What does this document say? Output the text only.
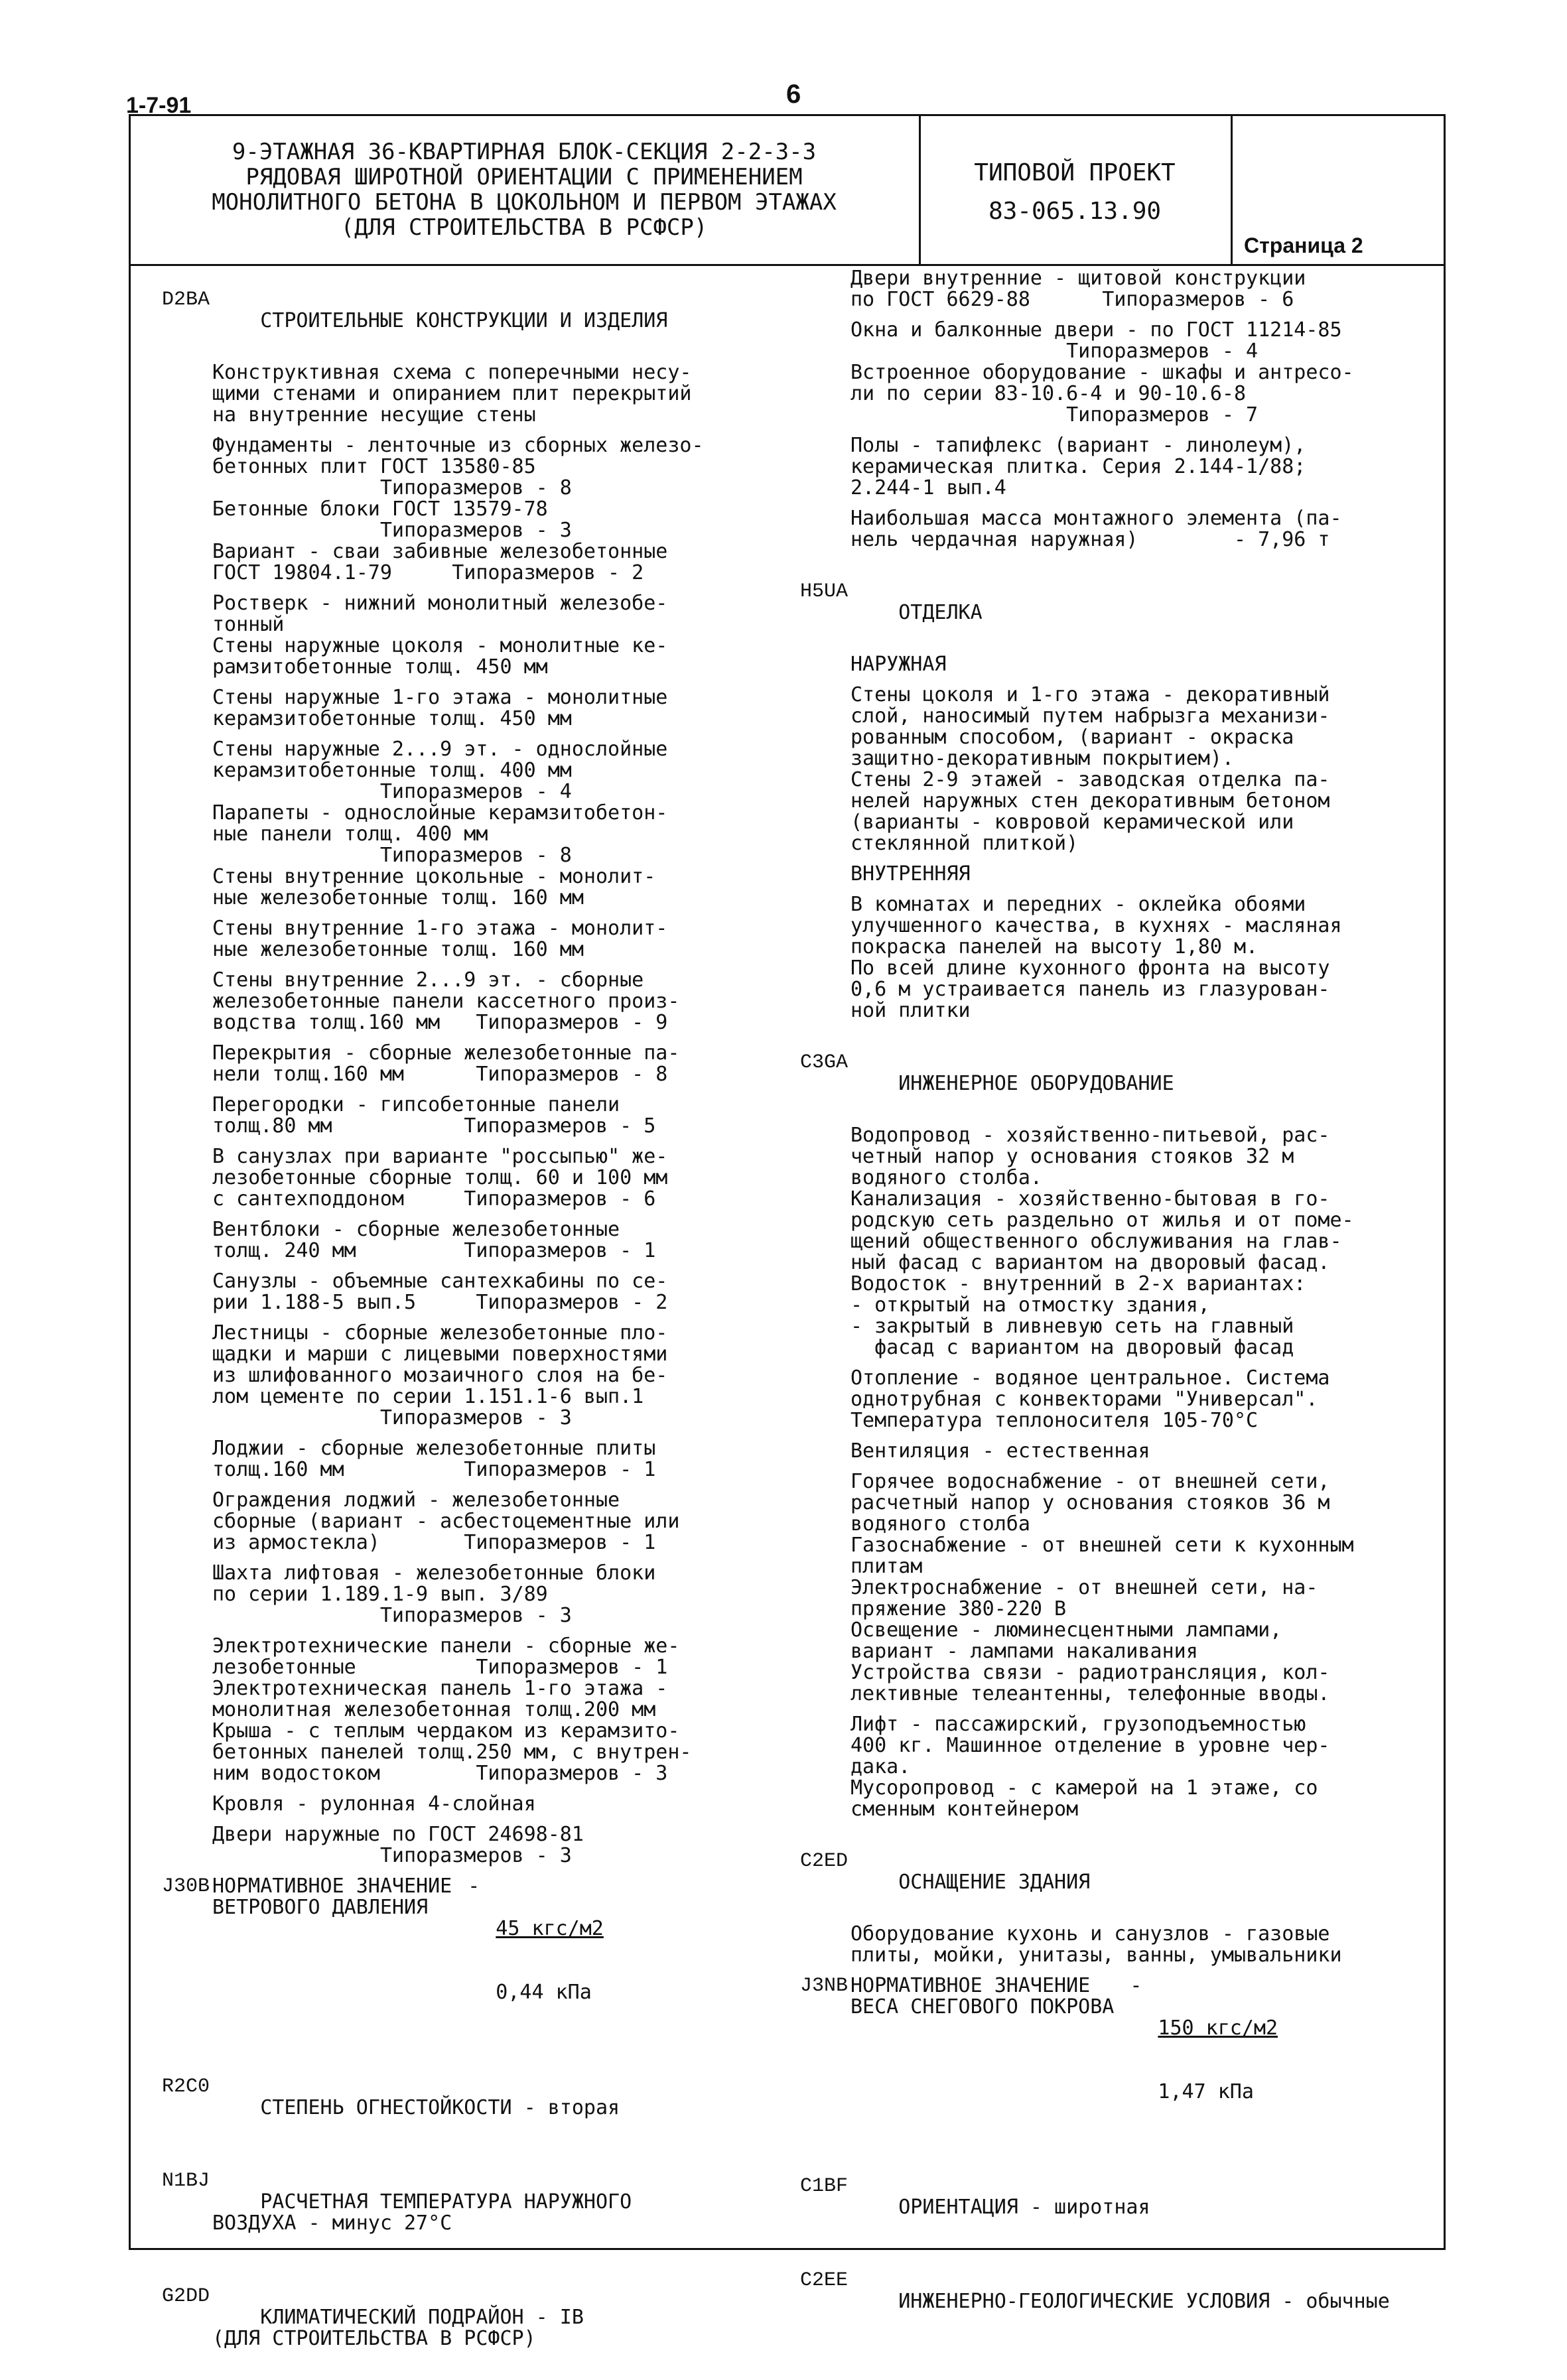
1-7-91	6
9-ЭТАЖНАЯ 36-КВАРТИРНАЯ БЛОК-СЕКЦИЯ 2-2-3-3
РЯДОВАЯ ШИРОТНОЙ ОРИЕНТАЦИИ С ПРИМЕНЕНИЕМ
МОНОЛИТНОГО БЕТОНА В ЦОКОЛЬНОМ И ПЕРВОМ ЭТАЖАХ
(ДЛЯ СТРОИТЕЛЬСТВА В РСФСР)
ТИПОВОЙ ПРОЕКТ
83-065.13.90
Страница 2

D2BA

СТРОИТЕЛЬНЫЕ КОНСТРУКЦИИ И ИЗДЕЛИЯ

Конструктивная схема с поперечными несу-
щими стенами и опиранием плит перекрытий
на внутренние несущие стены
Фундаменты - ленточные из сборных железо-
бетонных плит ГОСТ 13580-85
Типоразмеров - 8
Бетонные блоки ГОСТ 13579-78
Типоразмеров - 3
Вариант - сваи забивные железобетонные
ГОСТ 19804.1-79     Типоразмеров - 2
Ростверк - нижний монолитный железобе-
тонный
Стены наружные цоколя - монолитные ке-
рамзитобетонные толщ. 450 мм
Стены наружные 1-го этажа - монолитные
керамзитобетонные толщ. 450 мм
Стены наружные 2...9 эт. - однослойные
керамзитобетонные толщ. 400 мм
Типоразмеров - 4
Парапеты - однослойные керамзитобетон-
ные панели толщ. 400 мм
Типоразмеров - 8
Стены внутренние цокольные - монолит-
ные железобетонные толщ. 160 мм
Стены внутренние 1-го этажа - монолит-
ные железобетонные толщ. 160 мм
Стены внутренние 2...9 эт. - сборные
железобетонные панели кассетного произ-
водства толщ.160 мм   Типоразмеров - 9
Перекрытия - сборные железобетонные па-
нели толщ.160 мм      Типоразмеров - 8
Перегородки - гипсобетонные панели
толщ.80 мм           Типоразмеров - 5
В санузлах при варианте "россыпью" же-
лезобетонные сборные толщ. 60 и 100 мм
с сантехподдоном     Типоразмеров - 6
Вентблоки - сборные железобетонные
толщ. 240 мм         Типоразмеров - 1
Санузлы - объемные сантехкабины по се-
рии 1.188-5 вып.5     Типоразмеров - 2
Лестницы - сборные железобетонные пло-
щадки и марши с лицевыми поверхностями
из шлифованного мозаичного слоя на бе-
лом цементе по серии 1.151.1-6 вып.1
Типоразмеров - 3
Лоджии - сборные железобетонные плиты
толщ.160 мм          Типоразмеров - 1
Ограждения лоджий - железобетонные
сборные (вариант - асбестоцементные или
из армостекла)       Типоразмеров - 1
Шахта лифтовая - железобетонные блоки
по серии 1.189.1-9 вып. 3/89
Типоразмеров - 3
Электротехнические панели - сборные же-
лезобетонные          Типоразмеров - 1
Электротехническая панель 1-го этажа -
монолитная железобетонная толщ.200 мм
Крыша - с теплым чердаком из керамзито-
бетонных панелей толщ.250 мм, с внутрен-
ним водостоком        Типоразмеров - 3
Кровля - рулонная 4-слойная
Двери наружные по ГОСТ 24698-81
Типоразмеров - 3
J30B НОРМАТИВНОЕ ЗНАЧЕНИЕ
ВЕТРОВОГО ДАВЛЕНИЯ
-

45 кгс/м2

0,44 кПа

R2C0

СТЕПЕНЬ ОГНЕСТОЙКОСТИ - вторая

N1BJ

РАСЧЕТНАЯ ТЕМПЕРАТУРА НАРУЖНОГО
ВОЗДУХА - минус 27°С

G2DD

КЛИМАТИЧЕСКИЙ ПОДРАЙОН - IВ
(ДЛЯ СТРОИТЕЛЬСТВА В РСФСР)

Двери внутренние - щитовой конструкции
по ГОСТ 6629-88      Типоразмеров - 6
Окна и балконные двери - по ГОСТ 11214-85
Типоразмеров - 4
Встроенное оборудование - шкафы и антресо-
ли по серии 83-10.6-4 и 90-10.6-8
Типоразмеров - 7
Полы - тапифлекс (вариант - линолеум),
керамическая плитка. Серия 2.144-1/88;
2.244-1 вып.4
Наибольшая масса монтажного элемента (па-
нель чердачная наружная)        - 7,96 т

H5UA

ОТДЕЛКА

НАРУЖНАЯ
Стены цоколя и 1-го этажа - декоративный
слой, наносимый путем набрызга механизи-
рованным способом, (вариант - окраска
защитно-декоративным покрытием).
Стены 2-9 этажей - заводская отделка па-
нелей наружных стен декоративным бетоном
(варианты - ковровой керамической или
стеклянной плиткой)
ВНУТРЕННЯЯ
В комнатах и передних - оклейка обоями
улучшенного качества, в кухнях - масляная
покраска панелей на высоту 1,80 м.
По всей длине кухонного фронта на высоту
0,6 м устраивается панель из глазурован-
ной плитки

C3GA

ИНЖЕНЕРНОЕ ОБОРУДОВАНИЕ

Водопровод - хозяйственно-питьевой, рас-
четный напор у основания стояков 32 м
водяного столба.
Канализация - хозяйственно-бытовая в го-
родскую сеть раздельно от жилья и от поме-
щений общественного обслуживания на глав-
ный фасад с вариантом на дворовый фасад.
Водосток - внутренний в 2-х вариантах:
- открытый на отмостку здания,
- закрытый в ливневую сеть на главный
фасад с вариантом на дворовый фасад
Отопление - водяное центральное. Система
однотрубная с конвекторами "Универсал".
Температура теплоносителя 105-70°С
Вентиляция - естественная
Горячее водоснабжение - от внешней сети,
расчетный напор у основания стояков 36 м
водяного столба
Газоснабжение - от внешней сети к кухонным
плитам
Электроснабжение - от внешней сети, на-
пряжение 380-220 В
Освещение - люминесцентными лампами,
вариант - лампами накаливания
Устройства связи - радиотрансляция, кол-
лективные телеантенны, телефонные вводы.
Лифт - пассажирский, грузоподъемностью
400 кг. Машинное отделение в уровне чер-
дака.
Мусоропровод - с камерой на 1 этаже, со
сменным контейнером

C2ED

ОСНАЩЕНИЕ ЗДАНИЯ

Оборудование кухонь и санузлов - газовые
плиты, мойки, унитазы, ванны, умывальники
J3NB НОРМАТИВНОЕ ЗНАЧЕНИЕ
ВЕСА СНЕГОВОГО ПОКРОВА
-

150 кгс/м2

1,47 кПа

C1BF

ОРИЕНТАЦИЯ - широтная

C2EE

ИНЖЕНЕРНО-ГЕОЛОГИЧЕСКИЕ УСЛОВИЯ - обычные
